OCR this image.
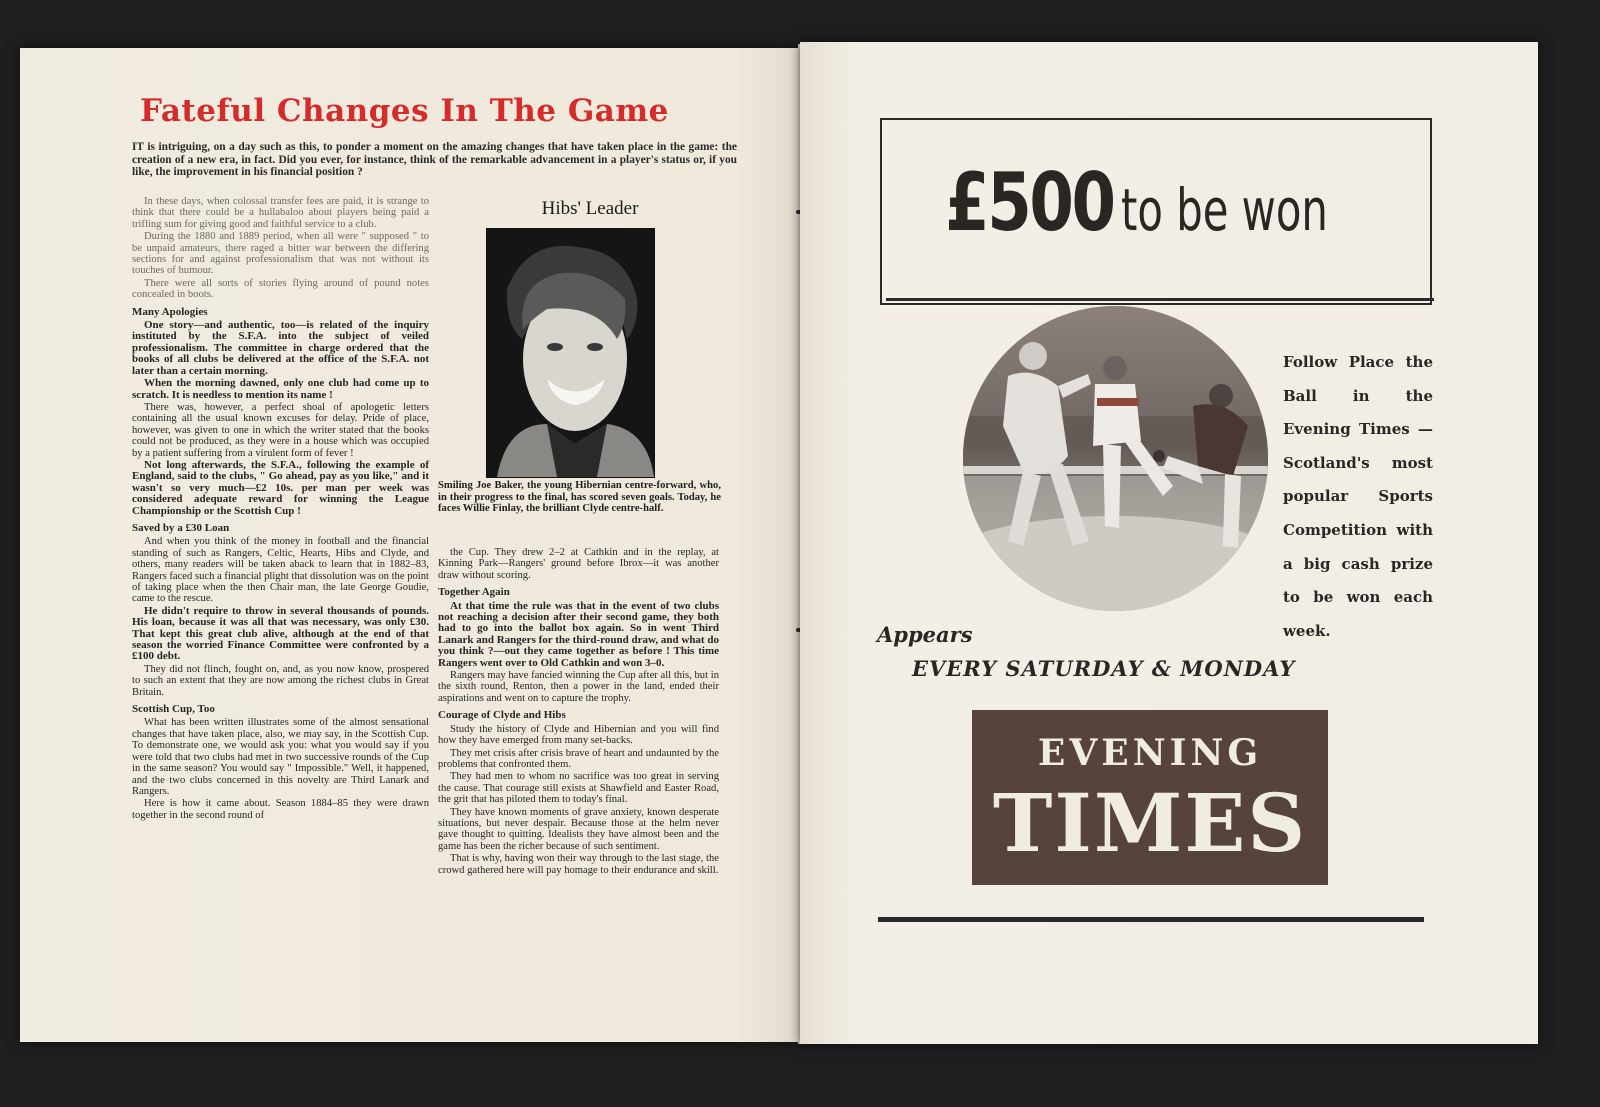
Fateful Changes In The Game
IT is intriguing, on a day such as this, to ponder a moment on the amazing changes that have taken place in the game: the creation of a new era, in fact. Did you ever, for instance, think of the remarkable advancement in a player's status or, if you like, the improvement in his financial position ?

In these days, when colossal transfer fees are paid, it is strange to think that there could be a hullabaloo about players being paid a trifling sum for giving good and faithful service to a club.

During the 1880 and 1889 period, when all were " supposed " to be unpaid amateurs, there raged a bitter war between the differing sections for and against professionalism that was not without its touches of humour.

There were all sorts of stories flying around of pound notes concealed in boots.

Many Apologies

One story—and authentic, too—is related of the inquiry instituted by the S.F.A. into the subject of veiled professionalism. The committee in charge ordered that the books of all clubs be delivered at the office of the S.F.A. not later than a certain morning.

When the morning dawned, only one club had come up to scratch. It is needless to mention its name !

There was, however, a perfect shoal of apologetic letters containing all the usual known excuses for delay. Pride of place, however, was given to one in which the writer stated that the books could not be produced, as they were in a house which was occupied by a patient suffering from a virulent form of fever !

Not long afterwards, the S.F.A., following the example of England, said to the clubs, " Go ahead, pay as you like," and it wasn't so very much—£2 10s. per man per week was considered adequate reward for winning the League Championship or the Scottish Cup !

Saved by a £30 Loan

And when you think of the money in football and the financial standing of such as Rangers, Celtic, Hearts, Hibs and Clyde, and others, many readers will be taken aback to learn that in 1882–83, Rangers faced such a financial plight that dissolution was on the point of taking place when the then Chair man, the late George Goudie, came to the rescue.

He didn't require to throw in several thousands of pounds. His loan, because it was all that was necessary, was only £30. That kept this great club alive, although at the end of that season the worried Finance Committee were confronted by a £100 debt.

They did not flinch, fought on, and, as you now know, prospered to such an extent that they are now among the richest clubs in Great Britain.

Scottish Cup, Too

What has been written illustrates some of the almost sensational changes that have taken place, also, we may say, in the Scottish Cup. To demonstrate one, we would ask you: what you would say if you were told that two clubs had met in two successive rounds of the Cup in the same season? You would say " Impossible." Well, it happened, and the two clubs concerned in this novelty are Third Lanark and Rangers.

Here is how it came about. Season 1884–85 they were drawn together in the second round of

Hibs' Leader
Smiling Joe Baker, the young Hibernian centre-forward, who, in their progress to the final, has scored seven goals. Today, he faces Willie Finlay, the brilliant Clyde centre-half.

the Cup. They drew 2–2 at Cathkin and in the replay, at Kinning Park—Rangers' ground before Ibrox—it was another draw without scoring.

Together Again

At that time the rule was that in the event of two clubs not reaching a decision after their second game, they both had to go into the ballot box again. So in went Third Lanark and Rangers for the third-round draw, and what do you think ?—out they came together as before ! This time Rangers went over to Old Cathkin and won 3–0.

Rangers may have fancied winning the Cup after all this, but in the sixth round, Renton, then a power in the land, ended their aspirations and went on to capture the trophy.

Courage of Clyde and Hibs

Study the history of Clyde and Hibernian and you will find how they have emerged from many set-backs.

They met crisis after crisis brave of heart and undaunted by the problems that confronted them.

They had men to whom no sacrifice was too great in serving the cause. That courage still exists at Shawfield and Easter Road, the grit that has piloted them to today's final.

They have known moments of grave anxiety, known desperate situations, but never despair. Because those at the helm never gave thought to quitting. Idealists they have almost been and the game has been the richer because of such sentiment.

That is why, having won their way through to the last stage, the crowd gathered here will pay homage to their endurance and skill.

£500 to be won
Follow Place the Ball in the Evening Times — Scotland's most popular Sports Competition with a big cash prize to be won each week.
Appears
EVERY SATURDAY & MONDAY
EVENING
TIMES
